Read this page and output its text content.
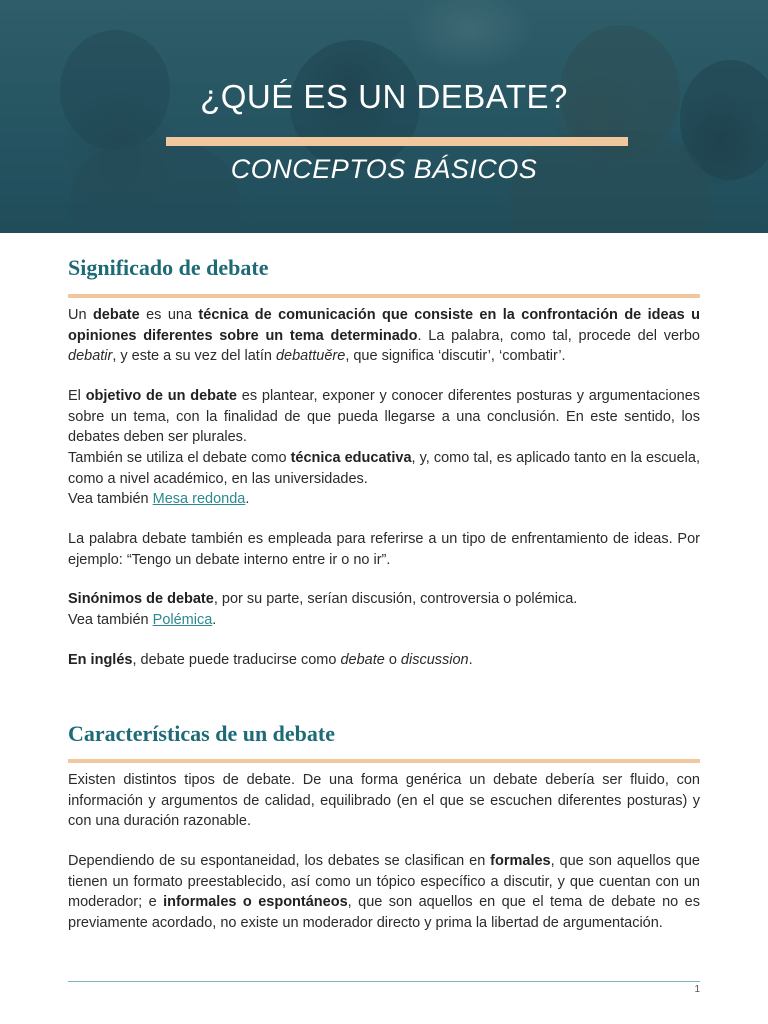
¿QUÉ ES UN DEBATE?
CONCEPTOS BÁSICOS
Significado de debate

Un debate es una técnica de comunicación que consiste en la confrontación de ideas u opiniones diferentes sobre un tema determinado. La palabra, como tal, procede del verbo debatir, y este a su vez del latín debattuĕre, que significa ‘discutir’, ‘combatir’.

El objetivo de un debate es plantear, exponer y conocer diferentes posturas y argumentaciones sobre un tema, con la finalidad de que pueda llegarse a una conclusión. En este sentido, los debates deben ser plurales.

También se utiliza el debate como técnica educativa, y, como tal, es aplicado tanto en la escuela, como a nivel académico, en las universidades.

Vea también Mesa redonda.

La palabra debate también es empleada para referirse a un tipo de enfrentamiento de ideas. Por ejemplo: “Tengo un debate interno entre ir o no ir”.

Sinónimos de debate, por su parte, serían discusión, controversia o polémica.

Vea también Polémica.

En inglés, debate puede traducirse como debate o discussion.

Características de un debate

Existen distintos tipos de debate. De una forma genérica un debate debería ser fluido, con información y argumentos de calidad, equilibrado (en el que se escuchen diferentes posturas) y con una duración razonable.

Dependiendo de su espontaneidad, los debates se clasifican en formales, que son aquellos que tienen un formato preestablecido, así como un tópico específico a discutir, y que cuentan con un moderador; e informales o espontáneos, que son aquellos en que el tema de debate no es previamente acordado, no existe un moderador directo y prima la libertad de argumentación.

1
